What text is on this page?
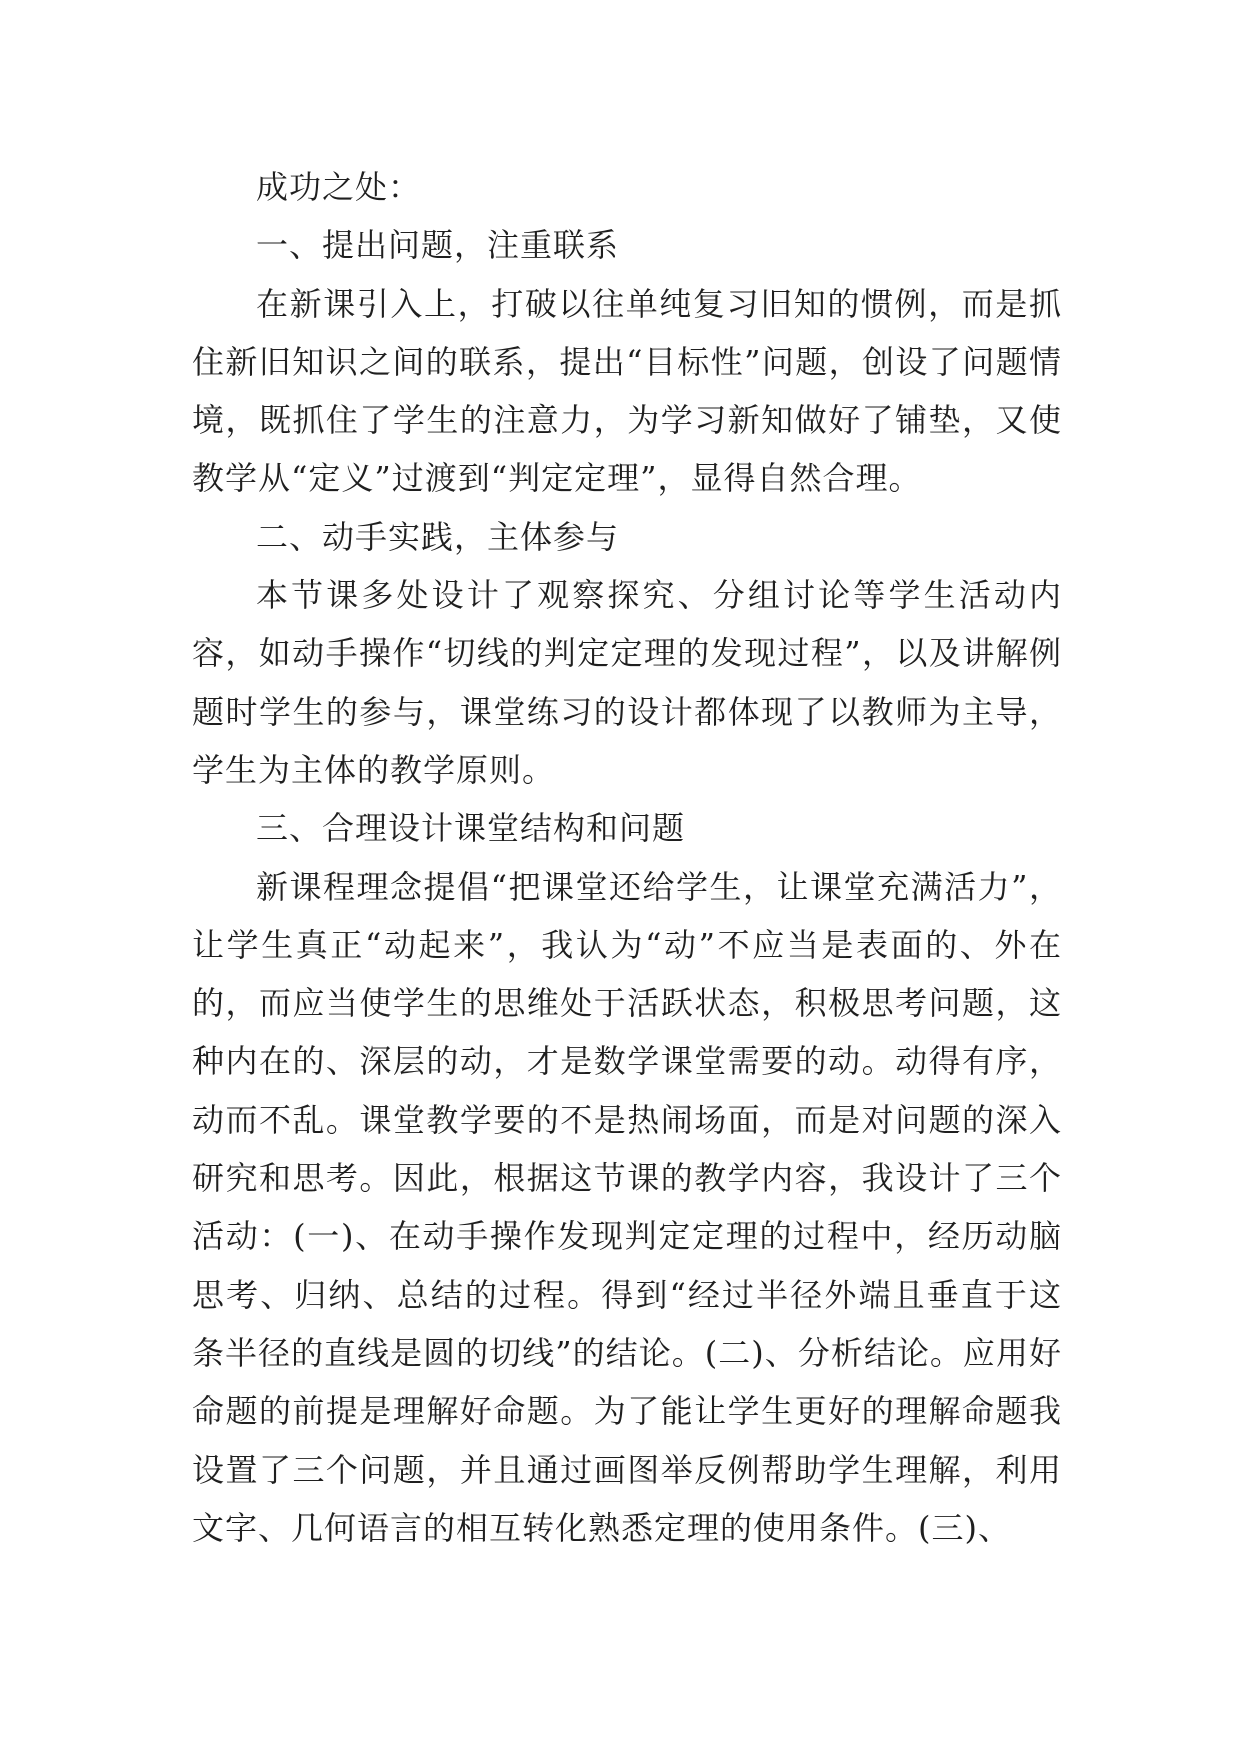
成功之处：

一、提出问题，注重联系

在新课引入上，打破以往单纯复习旧知的惯例，而是抓住新旧知识之间的联系，提出“目标性”问题，创设了问题情境，既抓住了学生的注意力，为学习新知做好了铺垫，又使教学从“定义”过渡到“判定定理”，显得自然合理。

二、动手实践，主体参与

本节课多处设计了观察探究、分组讨论等学生活动内容，如动手操作“切线的判定定理的发现过程”，以及讲解例题时学生的参与，课堂练习的设计都体现了以教师为主导，学生为主体的教学原则。

三、合理设计课堂结构和问题

新课程理念提倡“把课堂还给学生，让课堂充满活力”，让学生真正“动起来”，我认为“动”不应当是表面的、外在的，而应当使学生的思维处于活跃状态，积极思考问题，这种内在的、深层的动，才是数学课堂需要的动。动得有序，动而不乱。课堂教学要的不是热闹场面，而是对问题的深入研究和思考。因此，根据这节课的教学内容，我设计了三个活动：(一)、在动手操作发现判定定理的过程中，经历动脑思考、归纳、总结的过程。得到“经过半径外端且垂直于这条半径的直线是圆的切线”的结论。(二)、分析结论。应用好命题的前提是理解好命题。为了能让学生更好的理解命题我设置了三个问题，并且通过画图举反例帮助学生理解，利用文字、几何语言的相互转化熟悉定理的使用条件。(三)、
